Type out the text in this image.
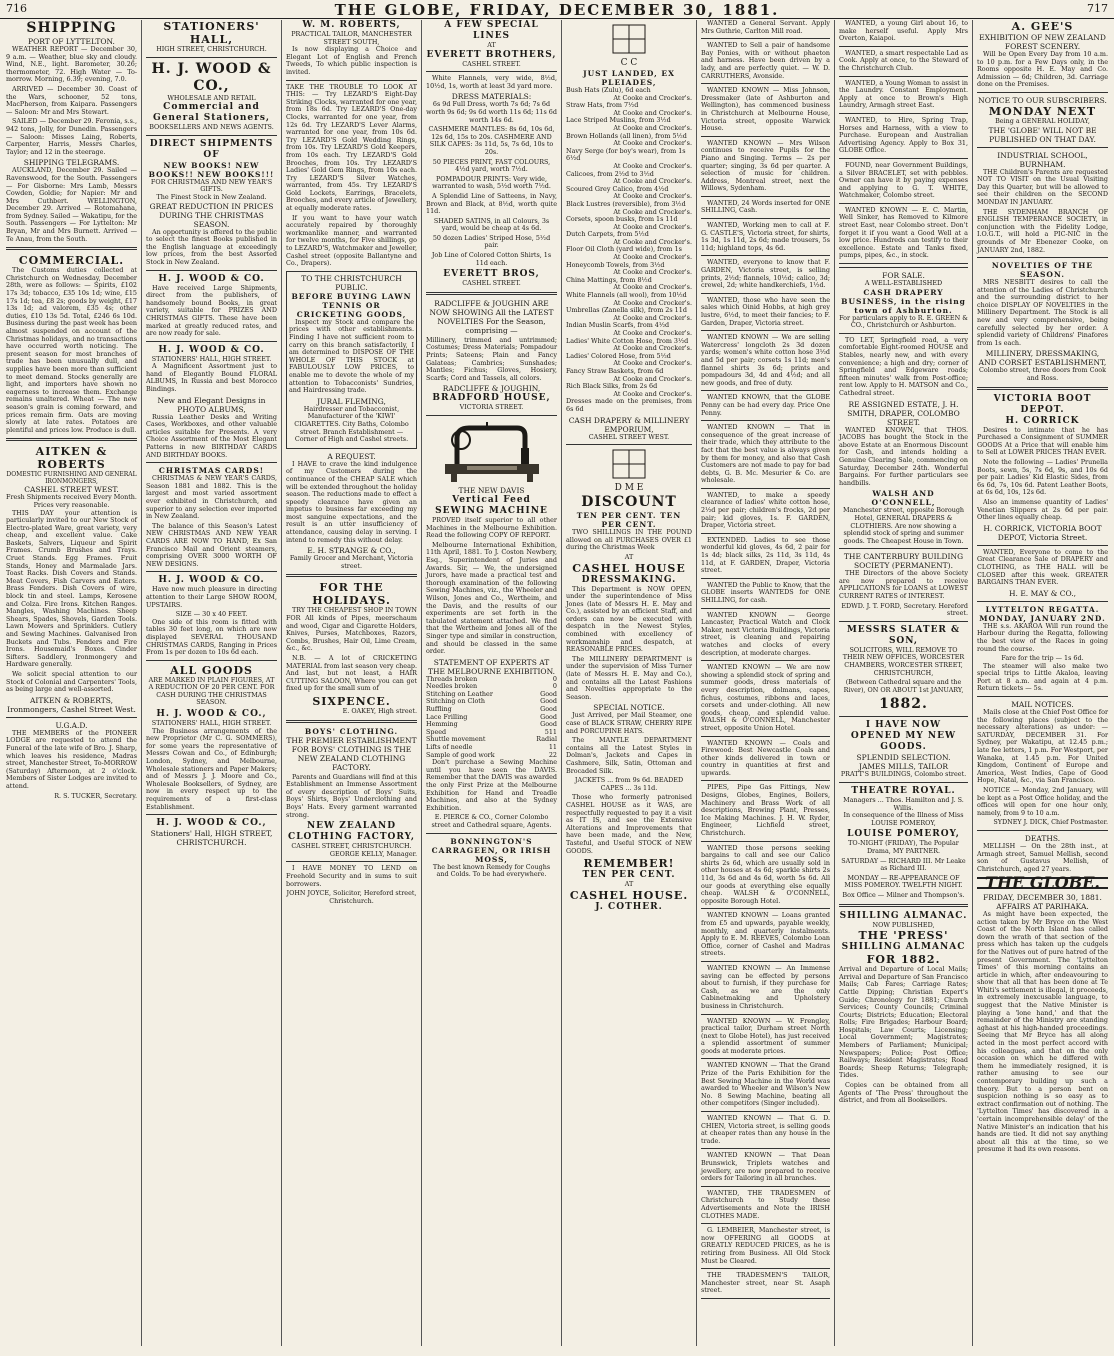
716	THE GLOBE, FRIDAY, DECEMBER 30, 1881.	717
SHIPPING
PORT OF LYTTELTON.

WEATHER REPORT — December 30, 9 a.m. — Weather, blue sky and cloudy. Wind, N.E., light. Barometer, 30.26; thermometer, 72. High Water — To-morrow. Morning, 6.39; evening, 7.0.

ARRIVED — December 30. Coast of the Wars, schooner, 52 tons, MacPherson, from Kaipara. Passengers — Saloon: Mr and Mrs Stewart.

SAILED — December 29. Feronia, s.s., 942 tons, Jolly, for Dunedin. Passengers — Saloon: Misses Laing, Roberts, Carpenter, Harris, Messrs Charles, Taylor; and 12 in the steerage.

SHIPPING TELEGRAMS.

AUCKLAND, December 29. Sailed — Ravenswood, for the South. Passengers — For Gisborne: Mrs Lamb, Messrs Cowden, Goldie; for Napier: Mr and Mrs Cuthbert. WELLINGTON, December 29. Arrived — Rotomahana, from Sydney. Sailed — Wakatipu, for the South. Passengers — For Lyttelton: Mr Bryan, Mr and Mrs Burnett. Arrived — Te Anau, from the South.

COMMERCIAL.

The Customs duties collected at Christchurch on Wednesday, December 28th, were as follows: — Spirits, £102 17s 3d; tobacco, £35 10s 1d; wine, £15 17s 1d; tea, £8 2s; goods by weight, £17 13s 1d; ad valorem, £35 4s; other duties, £10 13s 5d. Total, £246 6s 10d. Business during the past week has been almost suspended on account of the Christmas holidays, and no transactions have occurred worth noticing. The present season for most branches of trade has been unusually dull, and supplies have been more than sufficient to meet demand. Stocks generally are light, and importers have shown no eagerness to increase them. Exchange remains unaltered. Wheat — The new season's grain is coming forward, and prices remain firm. Oats are moving slowly at late rates. Potatoes are plentiful and prices low. Produce is dull.

AITKEN & ROBERTS
DOMESTIC FURNISHING AND GENERAL IRONMONGERS,
CASHEL STREET WEST.
Fresh Shipments received Every Month.
Prices very reasonable.

THIS DAY your attention is particularly invited to our New Stock of Electro-plated Ware, great variety, very cheap, and excellent value. Cake Baskets, Salvers, Liqueur and Spirit Frames. Crumb Brushes and Trays. Cruet Stands. Egg Frames. Fruit Stands, Honey and Marmalade Jars. Toast Racks. Dish Covers and Stands. Meat Covers, Fish Carvers and Eaters. Brass Fenders. Dish Covers of wire, block tin and steel. Lamps, Kerosene and Colza. Fire Irons. Kitchen Ranges. Mangles, Washing Machines. Sheep Shears, Spades, Shovels, Garden Tools. Lawn Mowers and Sprinklers. Cutlery and Sewing Machines. Galvanised Iron Buckets and Tubs. Fenders and Fire Irons. Housemaid's Boxes. Cinder Sifters. Saddlery, Ironmongery and Hardware generally.

We solicit special attention to our Stock of Colonial and Carpenters' Tools, as being large and well-assorted.

AITKEN & ROBERTS, Ironmongers, Cashel Street West.
U.G.A.D.

THE MEMBERS of the PIONEER LODGE are requested to attend the Funeral of the late wife of Bro. J. Sharp, which leaves his residence, Madras street, Manchester Street, To-MORROW (Saturday) Afternoon, at 2 o'clock. Members of Sister Lodges are invited to attend.

R. S. TUCKER, Secretary.
STATIONERS' HALL,
HIGH STREET, CHRISTCHURCH.
H. J. WOOD & CO.,
WHOLESALE AND RETAIL
Commercial and General Stationers,
BOOKSELLERS AND NEWS AGENTS.
DIRECT SHIPMENTS OF
NEW BOOKS! NEW BOOKS!! NEW BOOKS!!!
FOR CHRISTMAS AND NEW YEAR'S GIFTS.
The Finest Stock in New Zealand.
GREAT REDUCTION IN PRICES DURING THE CHRISTMAS SEASON.

An opportunity is offered to the public to select the finest Books published in the English language at exceedingly low prices, from the best Assorted Stock in New Zealand.

H. J. WOOD & CO.

Have received Large Shipments, direct from the publishers, of handsomely bound Books, in great variety, suitable for PRIZES AND CHRISTMAS GIFTS. These have been marked at greatly reduced rates, and are now ready for sale.

H. J. WOOD & CO.
STATIONERS' HALL, HIGH STREET.

A Magnificent Assortment just to hand of Elegantly Bound FLORAL ALBUMS, In Russia and best Morocco Bindings.

New and Elegant Designs in PHOTO ALBUMS,

Russia Leather Desks and Writing Cases, Workboxes, and other valuable articles suitable for Presents. A very Choice Assortment of the Most Elegant Patterns in new BIRTHDAY CARDS AND BIRTHDAY BOOKS.

CHRISTMAS CARDS!

CHRISTMAS & NEW YEAR'S CARDS, Season 1881 and 1882. This is the largest and most varied assortment ever exhibited in Christchurch, and superior to any selection ever imported in New Zealand.

The balance of this Season's Latest NEW CHRISTMAS AND NEW YEAR CARDS ARE NOW TO HAND, Ex San Francisco Mail and Orient steamers, comprising OVER 3000 WORTH OF NEW DESIGNS.

H. J. WOOD & CO.

Have now much pleasure in directing attention to their Large SHOW ROOM, UPSTAIRS.

SIZE — 30 x 40 FEET.

One side of this room is fitted with tables 30 feet long, on which are now displayed SEVERAL THOUSAND CHRISTMAS CARDS, Ranging in Prices From 1s per dozen to 10s 6d each.

ALL GOODS

ARE MARKED IN PLAIN FIGURES, AT A REDUCTION OF 20 PER CENT. FOR CASH DURING THE CHRISTMAS SEASON.

H. J. WOOD & CO.,
STATIONERS' HALL, HIGH STREET.

The Business arrangements of the new Proprietor (Mr C. G. SOMMERS), for some years the representative of Messrs Cowan and Co., of Edinburgh; London, Sydney, and Melbourne, Wholesale stationers and Paper Makers; and of Messrs J. J. Moore and Co., Wholesale Booksellers, of Sydney, are now in every respect up to the requirements of a first-class Establishment.

H. J. WOOD & CO.,
Stationers' Hall, HIGH STREET, CHRISTCHURCH.
W. M. ROBERTS,
PRACTICAL TAILOR, MANCHESTER STREET SOUTH,

Is now displaying a Choice and Elegant Lot of English and French Tweeds, To which public inspection is invited.

TAKE THE TROUBLE TO LOOK AT THIS: — Try LEZARD'S Eight-Day Striking Clocks, warranted for one year, from 18s 6d. Try LEZARD'S One-day Clocks, warranted for one year, from 12s 6d. Try LEZARD'S Lever Alarms, warranted for one year, from 10s 6d. Try LEZARD'S Gold Wedding Rings, from 10s. Try LEZARD'S Gold Keepers, from 10s each. Try LEZARD'S Gold Brooches, from 10s. Try LEZARD'S Ladies' Gold Gem Rings, from 10s each. Try LEZARD'S Silver Watches, warranted, from 45s. Try LEZARD'S Gold Lockets, Earrings, Bracelets, Brooches, and every article of Jewellery, at equally moderate rates.

If you want to have your watch accurately repaired by thoroughly workmanlike manner, and warranted for twelve months, for Five shillings, go to LEZARD'S, Watchmaker and Jeweller, Cashel street (opposite Ballantyne and Co., Drapers).

TO THE CHRISTCHURCH PUBLIC.
BEFORE BUYING LAWN TENNIS OR CRICKETING GOODS,

Inspect my Stock and compare the prices with other establishments. Finding I have not sufficient room to carry on this branch satisfactorily, I am determined to DISPOSE OF THE WHOLE OF THIS STOCK at FABULOUSLY LOW PRICES, to enable me to devote the whole of my attention to Tobacconists' Sundries, and Hairdressing trade.

JURAL FLEMING,

Hairdresser and Tobacconist, Manufacturer of the 'KIWI' CIGARETTES. City Baths, Colombo street. Branch Establishment — Corner of High and Cashel streets.

A REQUEST.

I HAVE to crave the kind indulgence of my Customers during the continuance of the CHEAP SALE which will be extended throughout the holiday season. The reductions made to effect a speedy clearance have given an impetus to business far exceeding my most sanguine expectations, and the result is an utter insufficiency of attendance, causing delay in serving. I intend to remedy this without delay.

E. H. STRANGE & CO.,
Family Grocer and Merchant, Victoria street.
FOR THE HOLIDAYS.

TRY THE CHEAPEST SHOP IN TOWN FOR All kinds of Pipes, meerschaum and wood, Cigar and Cigarette Holders, Knives, Purses, Matchboxes, Razors, Combs, Brushes, Hair Oil, Lime Cream, &c., &c.

N.B. — A lot of CRICKETING MATERIAL from last season very cheap. And last, but not least, a HAIR CUTTING SALOON, Where you can get fixed up for the small sum of

SIXPENCE.
E. OAKEY, High street.
BOYS' CLOTHING.

THE PREMIER ESTABLISHMENT FOR BOYS' CLOTHING IS THE NEW ZEALAND CLOTHING FACTORY.

Parents and Guardians will find at this Establishment an Immense Assortment of every description of Boys' Suits, Boys' Shirts, Boys' Underclothing and Boys' Hats. Every garment warranted strong.

NEW ZEALAND CLOTHING FACTORY,
CASHEL STREET, CHRISTCHURCH.
GEORGE KELLY, Manager.

I HAVE MONEY TO LEND on Freehold Security and in sums to suit borrowers.

JOHN JOYCE, Solicitor, Hereford street, Christchurch.
A FEW SPECIAL LINES
AT
EVERETT BROTHERS,
CASHEL STREET.

White Flannels, very wide, 8½d, 10½d, 1s, worth at least 3d yard more.

DRESS MATERIALS:

6s 9d Full Dress, worth 7s 6d; 7s 6d worth 9s 6d; 9s 6d worth 11s 6d; 11s 6d worth 14s 6d.

CASHMERE MANTLES: 8s 6d, 10s 6d, 12s 6d, 15s to 20s. CASHMERE AND SILK CAPES: 3s 11d, 5s, 7s 6d, 10s to 20s.

50 PIECES PRINT, FAST COLOURS, 4½d yard, worth 7½d.

POMPADOUR PRINTS: Very wide, warranted to wash, 5½d worth 7½d.

A Splendid Line of Satteens, in Navy, Brown and Black, at 8½d, worth quite 11d.

SHADED SATINS, in all Colours, 3s yard, would be cheap at 4s 6d.

50 dozen Ladies' Striped Hose, 5½d pair.

Job Line of Colored Cotton Shirts, 1s 11d each.

EVERETT BROS,
CASHEL STREET.

RADCLIFFE & JOUGHIN ARE NOW SHOWING All the LATEST NOVELTIES For the Season, comprising —

Millinery, trimmed and untrimmed; Costumes; Dress Materials; Pompadour Prints; Sateens; Plain and Fancy Galateas; Cambrics; Sunshades; Mantles; Fichus; Gloves, Hosiery, Scarfs; Cord and Tassels, all colors.

RADCLIFFE & JOUGHIN,
BRADFORD HOUSE,
VICTORIA STREET.
THE NEW DAVIS
Vertical Feed SEWING MACHINE

PROVED itself superior to all other Machines in the Melbourne Exhibition. Read the following COPY OF REPORT.

Melbourne International Exhibition, 11th April, 1881. To J. Coston Newbery, Esq., Superintendent of Juries and Awards. Sir, — We, the undersigned Jurors, have made a practical test and thorough examination of the following Sewing Machines, viz., the Wheeler and Wilson, Jones and Co., Wertheim, and the Davis, and the results of our experiments are set forth in the tabulated statement attached. We find that the Wertheim and Jones all of the Singer type and similar in construction, and should be classed in the same order.

STATEMENT OF EXPERTS AT THE MELBOURNE EXHIBITION.
Threads broken	0
Needles broken	0
Stitching on Leather	Good
Stitching on Cloth	Good
Ruffling	Good
Lace Frilling	Good
Hemming	Good
Speed	511
Shuttle movement	Radial
Lifts of needle	11
Sample of good work	22

Don't purchase a Sewing Machine until you have seen the DAVIS. Remember that the DAVIS was awarded the only First Prize at the Melbourne Exhibition for Hand and Treadle Machines, and also at the Sydney Exhibition.

E. PIERCE & CO., Corner Colombo street and Cathedral square, Agents.
BONNINGTON'S CARRAGEEN, OR IRISH MOSS,
The best known Remedy for Coughs and Colds. To be had everywhere.
C C
JUST LANDED, EX PLEIADES,
Bush Hats (Zulu), 6d each
At Cooke and Crocker's.
Straw Hats, from 7½d
At Cooke and Crocker's.
Lace Striped Muslins, from 3½d
At Cooke and Crocker's.
Brown Hollands (all linen), from 5½d
At Cooke and Crocker's.
Navy Serge (for boy's wear), from 1s 6½d
At Cooke and Crocker's.
Calicoes, from 2½d to 3½d
At Cooke and Crocker's.
Scoured Grey Calico, from 4½d
At Cooke and Crocker's.
Black Lustres (reversible), from 3½d
At Cooke and Crocker's.
Corsets, spoon busks, from 1s 11d
At Cooke and Crocker's.
Dutch Carpets, from 5½d
At Cooke and Crocker's.
Floor Oil Cloth (yard wide), from 1s
At Cooke and Crocker's.
Honeycomb Towels, from 3½d
At Cooke and Crocker's.
China Mattings, from 8½d
At Cooke and Crocker's.
White Flannels (all wool), from 10½d
At Cooke and Crocker's.
Umbrellas (Zanella silk), from 2s 11d
At Cooke and Crocker's.
Indian Muslin Scarfs, from 4½d
At Cooke and Crocker's.
Ladies' White Cotton Hose, from 3½d
At Cooke and Crocker's.
Ladies' Colored Hose, from 5½d
At Cooke and Crocker's.
Fancy Straw Baskets, from 6d
At Cooke and Crocker's.
Rich Black Silks, from 2s 6d
At Cooke and Crocker's.

Dresses made on the premises, from 6s 6d

CASH DRAPERY & MILLINERY EMPORIUM,
CASHEL STREET WEST.
D M E
DISCOUNT
TEN PER CENT. TEN PER CENT.

TWO SHILLINGS IN THE POUND allowed on all PURCHASES OVER £1 during the Christmas Week

AT
CASHEL HOUSE
DRESSMAKING.

This Department is NOW OPEN, under the superintendence of Miss Jones (late of Messrs H. E. May and Co.), assisted by an efficient Staff, and orders can now be executed with despatch in the Newest Styles, combined with excellency of workmanship and despatch, at REASONABLE PRICES.

The MILLINERY DEPARTMENT is under the supervision of Miss Turner (late of Messrs H. E. May and Co.), and contains all the Latest Fashions and Novelties appropriate to the Season.

SPECIAL NOTICE.

Just Arrived, per Mail Steamer, one case of BLACK STRAW, CHERRY RIPE and PORCUPINE HATS.

The MANTLE DEPARTMENT contains all the Latest Styles in Dolman's, Jackets and Capes in Cashmere, Silk, Satin, Ottoman and Brocaded Silk.

JACKETS ... from 9s 6d. BEADED CAPES ... 3s 11d.

Those who formerly patronised CASHEL HOUSE as it WAS, are respectfully requested to pay it a visit as IT IS, and see the Extensive Alterations and Improvements that have been made, and the New, Tasteful, and Useful STOCK of NEW GOODS.

REMEMBER!
TEN PER CENT.
AT
CASHEL HOUSE.
J. COTHER.

WANTED a General Servant. Apply Mrs Guthrie, Carlton Mill road.

WANTED to Sell a pair of handsome Bay Ponies, with or without phaeton and harness. Have been driven by a lady, and are perfectly quiet. — W. D. CARRUTHERS, Avonside.

WANTED KNOWN — Miss Johnson, Dressmaker (late of Ashburton and Wellington), has commenced business in Christchurch at Melbourne House, Victoria street, opposite Warwick House.

WANTED KNOWN — Mrs Wilson continues to receive Pupils for the Piano and Singing. Terms — 2s per quarter; singing, 3s 6d per quarter. A selection of music for children. Address, Montreal street, next the Willows, Sydenham.

WANTED, 24 Words inserted for ONE SHILLING, Cash.

WANTED, Working men to call at F. G. CASTLE'S, Victoria street, for shirts, 1s 3d, 1s 11d, 2s 6d; made trousers, 5s 11d; highland tops, 4s 6d.

WANTED, everyone to know that F. GARDEN, Victoria street, is selling prints, 2½d; flannels, 10½d; calico, 3d; crewel, 2d; white handkerchiefs, 1½d.

WANTED, those who have seen the sales which Oinid Hobbs, at high grey lustre, 6½d, to meet their fancies; to F. Garden, Draper, Victoria street.

WANTED KNOWN — We are selling Watercress' longcloth 2s 3d dozen yards; women's white cotton hose 3½d and 5d per pair; corsets 1s 11d; men's flannel shirts 3s 6d; prints and pompadours 3d, 4d and 4½d; and all new goods, and free of duty.

WANTED KNOWN, that the GLOBE Penny can be had every day. Price One Penny.

WANTED KNOWN — That in consequence of the great increase of their trade, which they attribute to the fact that the best value is always given by them for money, and also that Cash Customers are not made to pay for bad debts, G. B. Mc. Mesurier & Co. are wholesale.

WANTED, to make a speedy clearance of ladies' white cotton hose, 2½d per pair; children's frocks, 2d per pair; kid gloves, 1s. F. GARDEN, Draper, Victoria street.

EXTENDED. Ladies to see those wonderful kid gloves, 4s 6d, 2 pair for 1s 4d; black silks, 2s 11d, 3s 11d, 4s 11d, at F. GARDEN, Draper, Victoria street.

WANTED the Public to Know, that the GLOBE inserts WANTEDS for ONE SHILLING, for cash.

WANTED KNOWN — George Lancaster, Practical Watch and Clock Maker, next Victoria Buildings, Victoria street, is cleaning and repairing watches and clocks of every description, at moderate charges.

WANTED KNOWN — We are now showing a splendid stock of spring and summer goods, dress materials of every description, dolmans, capes, fichus, costumes, ribbons and laces, corsets and under-clothing. All new goods, cheap, and splendid value. WALSH & O'CONNELL, Manchester street, opposite Union Hotel.

WANTED KNOWN — Coals and Firewood: Best Newcastle Coals and other kinds delivered in town or country in quantities at first and upwards.

PIPES, Pipe Gas Fittings, New Designs, Globes, Engines, Boilers, Machinery and Brass Work of all descriptions, Brewing Plant, Presses, Ice Making Machines. J. H. W. Ryder, Engineer, Lichfield street, Christchurch.

WANTED those persons seeking bargains to call and see our Calico shirts 2s 6d, which are usually sold in other houses at 4s 6d; sparkle shirts 2s 11d, 3s 6d and 4s 6d, worth 5s 6d. All our goods at everything else equally cheap. WALSH & O'CONNELL, opposite Borough Hotel.

WANTED KNOWN — Loans granted from £5 and upwards, payable weekly, monthly, and quarterly instalments. Apply to E. M. REEVES, Colombo Loan Office, corner of Cashel and Madras streets.

WANTED KNOWN — An Immense saving can be effected by persons about to furnish, if they purchase for Cash, as we are the only Cabinetmaking and Upholstery business in Christchurch.

WANTED KNOWN — W. Frengley, practical tailor, Durham street North (next to Globe Hotel), has just received a splendid assortment of summer goods at moderate prices.

WANTED KNOWN — That the Grand Prize of the Paris Exhibition for the Best Sewing Machine in the World was awarded to Wheeler and Wilson's New No. 8 Sewing Machine, beating all other competitors (Singer included).

WANTED KNOWN — That G. D. CHIEN, Victoria street, is selling goods at cheaper rates than any house in the trade.

WANTED KNOWN — That Dean Brunswick, Triplets watches and jewellery, are now prepared to receive orders for Tailoring in all branches.

WANTED, THE TRADESMEN of Christchurch to Study these Advertisements and Note the IRISH CLOTHES MADE.

G. LEMBEIER, Manchester street, is now OFFERING all GOODS at GREATLY REDUCED PRICES, as he is retiring from Business. All Old Stock Must be Cleared.

THE TRADESMEN'S TAILOR, Manchester street, near St. Asaph street.

WANTED, a young Girl about 16, to make herself useful. Apply Mrs Overton, Kaiapoi.

WANTED, a smart respectable Lad as Cook. Apply at once, to the Steward of the Christchurch Club.

WANTED, a Young Woman to assist in the Laundry. Constant Employment. Apply at once to Brown's High Laundry, Armagh street East.

WANTED, to Hire, Spring Trap, Horses and Harness, with a view to Purchase. European and Australian Advertising Agency. Apply to Box 31, GLOBE Office.

FOUND, near Government Buildings, a Silver BRACELET, set with pebbles. Owner can have it by paying expenses and applying to G. T. WHITE, Watchmaker, Colombo street.

WANTED KNOWN — E. C. Martin, Well Sinker, has Removed to Kilmore street East, near Colombo street. Don't forget it if you want a Good Well at a low price. Hundreds can testify to their excellence. Estate and Tanks fixed, pumps, pipes, &c., in stock.

FOR SALE.
A WELL-ESTABLISHED
CASH DRAPERY BUSINESS, in the rising town of Ashburton.

For particulars apply to R. E. GREEN & CO., Christchurch or Ashburton.

TO LET, Springfield road, a very comfortable Eight-roomed HOUSE and Stables, nearly new, and with every convenience; a high and dry; corner of Springfield and Edgeware roads; fifteen minutes' walk from Post-office; rent low. Apply to H. MATSON and Co., Cathedral street.

RE ASSIGNED ESTATE, J. H. SMITH, DRAPER, COLOMBO STREET.

WANTED KNOWN, that THOS. JACOBS has bought the Stock in the above Estate at an Enormous Discount for Cash, and intends holding a Genuine Clearing Sale, commencing on Saturday, December 24th. Wonderful Bargains. For further particulars see handbills.

WALSH AND O'CONNELL,

Manchester street, opposite Borough Hotel, GENERAL DRAPERS & CLOTHIERS. Are now showing a splendid stock of spring and summer goods. The Cheapest House in Town.

THE CANTERBURY BUILDING SOCIETY (PERMANENT).

THE Directors of the above Society are now prepared to receive APPLICATIONS for LOANS at LOWEST CURRENT RATES of INTEREST.

EDWD. J. T. FORD, Secretary. Hereford street.
MESSRS SLATER & SON,

SOLICITORS, WILL REMOVE TO THEIR NEW OFFICES, WORCESTER CHAMBERS, WORCESTER STREET, CHRISTCHURCH,

(Between Cathedral square and the River), ON OR ABOUT 1st JANUARY,

1882.
I HAVE NOW OPENED MY NEW GOODS.
SPLENDID SELECTION.
JAMES MILLS, TAILOR
PRATT'S BUILDINGS, Colombo street.
THEATRE ROYAL.
Managers ... Thos. Hamilton and J. S. Willis.

In consequence of the Illness of Miss LOUISE POMEROY,

LOUISE POMEROY,

TO-NIGHT (FRIDAY), The Popular Drama, MY PARTNER.

SATURDAY — RICHARD III. Mr Leake as Richard III.

MONDAY — RE-APPEARANCE OF MISS POMEROY. TWELFTH NIGHT.

Box Office — Milner and Thompson's.
SHILLING ALMANAC.
NOW PUBLISHED,
THE 'PRESS'
SHILLING ALMANAC
FOR 1882.

Arrival and Departure of Local Mails; Arrival and Departure of San Francisco Mails; Cab Fares; Carriage Rates; Cattle Dipping; Christian Expert's Guide; Chronology for 1881; Church Services; County Councils; Criminal Courts; Districts; Education; Electoral Rolls; Fire Brigades; Harbour Board; Hospitals; Law Courts; Licensing; Local Government; Magistrates; Members of Parliament; Municipal; Newspapers; Police; Post Office; Railways; Resident Magistrates; Road Boards; Sheep Returns; Telegraph; Tides.

Copies can be obtained from all Agents of 'The Press' throughout the district, and from all Booksellers.

A. GEE'S
EXHIBITION OF NEW ZEALAND FOREST SCENERY.

Will be Open Every Day from 10 a.m. to 10 p.m. for a Few Days only, in the Rooms opposite H. E. May and Co. Admission — 6d; Children, 3d. Carriage done on the Premises.

NOTICE TO OUR SUBSCRIBERS.
MONDAY NEXT
Being a GENERAL HOLIDAY,
THE 'GLOBE' WILL NOT BE PUBLISHED ON THAT DAY.
INDUSTRIAL SCHOOL, BURNHAM.

THE Children's Parents are requested NOT TO VISIT on the Usual Visiting Day this Quarter, but will be allowed to see their children on the SECOND MONDAY IN JANUARY.

THE SYDENHAM BRANCH OF ENGLISH TEMPERANCE SOCIETY, in conjunction with the Fidelity Lodge, I.O.G.T., will hold a PIC-NIC in the grounds of Mr Ebenezer Cooke, on JANUARY 2nd, 1882.

NOVELTIES OF THE SEASON.

MRS NESBITT desires to call the attention of the Ladies of Christchurch and the surrounding district to her choice DISPLAY OF NOVELTIES in the Millinery Department. The Stock is all new and very comprehensive, being carefully selected by her order. A splendid variety of Childrens' Pinafores from 1s each.

MILLINERY, DRESSMAKING, AND CORSET ESTABLISHMENT,
Colombo street, three doors from Cook and Ross.
VICTORIA BOOT DEPOT.
H. CORRICK

Desires to intimate that he has Purchased a Consignment of SUMMER GOODS At a Price that will enable him to Sell at LOWER PRICES THAN EVER.

Note the following — Ladies' Prunella Boots, sewn, 5s, 7s 6d, 9s, and 10s 6d per pair. Ladies' Kid Elastic Sides, from 6s 6d, 7s, 10s 6d. Patent Leather Boots, at 6s 6d, 10s, 12s 6d.

Also an immense quantity of Ladies' Venetian Slippers at 2s 6d per pair. Other lines equally cheap.

H. CORRICK, VICTORIA BOOT DEPOT, Victoria Street.

WANTED, Everyone to come to the Great Clearance Sale of DRAPERY and CLOTHING, as THE HALL will be CLOSED after this week. GREATER BARGAINS THAN EVER.

H. E. MAY & CO.,
LYTTELTON REGATTA.
MONDAY, JANUARY 2ND.

THE s.s. AKAROA Will run round the Harbour during the Regatta, following the best view of the Races in going round the course.

Fare for the trip — 1s 6d.

The steamer will also make two special trips to Little Akaloa, leaving Port at 8 a.m. and again at 4 p.m. Return tickets — 5s.

MAIL NOTICES.

Mails close at the Chief Post Office for the following places (subject to the necessary alterations) as under: — SATURDAY, DECEMBER 31. For Sydney, per Wakatipu, at 12.45 p.m.; late fee letters, 1 p.m. For Westport, per Wanaka, at 1.45 p.m. For United Kingdom, Continent of Europe and America, West Indies, Cape of Good Hope, Natal, &c., via San Francisco.

NOTICE — Monday, 2nd January, will be kept as a Post Office holiday, and the offices will open for one hour only, namely, from 9 to 10 a.m.

SYDNEY J. DICK, Chief Postmaster.
DEATHS.

MELLISH — On the 28th inst., at Armagh street, Samuel Mellish, second son of Gustavus Mellish, of Christchurch, aged 27 years.

THE GLOBE.
FRIDAY, DECEMBER 30, 1881.
AFFAIRS AT PARIHAKA.

As might have been expected, the action taken by Mr Bryce on the West Coast of the North Island has called down the wrath of that section of the press which has taken up the cudgels for the Natives out of pure hatred of the present Government. The 'Lyttelton Times' of this morning contains an article in which, after endeavouring to show that all that has been done at Te Whiti's settlement is illegal, it proceeds, in extremely inexcusable language, to suggest that the Native Minister is playing a 'lone hand,' and that the remainder of the Ministry are standing aghast at his high-handed proceedings. Seeing that Mr Bryce has all along acted in the most perfect accord with his colleagues, and that on the only occasion on which he differed with them he immediately resigned, it is rather amusing to see our contemporary building up such a theory. But to a person bent on suspicion nothing is so easy as to extract confirmation out of nothing. The 'Lyttelton Times' has discovered in a 'certain incomprehensible delay' of the Native Minister's an indication that his hands are tied. It did not say anything about all this at the time, so we presume it had its own reasons.
